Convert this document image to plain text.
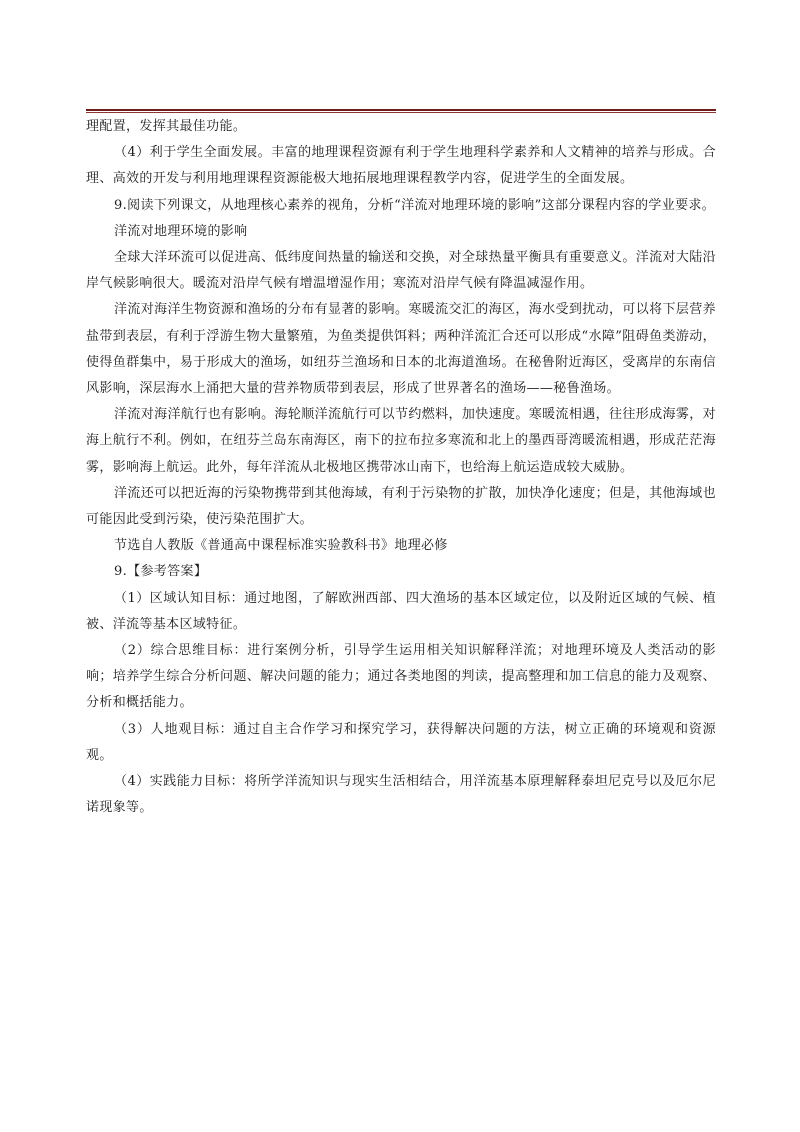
理配置，发挥其最佳功能。

（4）利于学生全面发展。丰富的地理课程资源有利于学生地理科学素养和人文精神的培养与形成。合理、高效的开发与利用地理课程资源能极大地拓展地理课程教学内容，促进学生的全面发展。

9.阅读下列课文，从地理核心素养的视角，分析“洋流对地理环境的影响”这部分课程内容的学业要求。

洋流对地理环境的影响

全球大洋环流可以促进高、低纬度间热量的输送和交换，对全球热量平衡具有重要意义。洋流对大陆沿岸气候影响很大。暖流对沿岸气候有增温增湿作用；寒流对沿岸气候有降温减湿作用。

洋流对海洋生物资源和渔场的分布有显著的影响。寒暖流交汇的海区，海水受到扰动，可以将下层营养盐带到表层，有利于浮游生物大量繁殖，为鱼类提供饵料；两种洋流汇合还可以形成“水障”阻碍鱼类游动，使得鱼群集中，易于形成大的渔场，如纽芬兰渔场和日本的北海道渔场。在秘鲁附近海区，受离岸的东南信风影响，深层海水上涌把大量的营养物质带到表层，形成了世界著名的渔场——秘鲁渔场。

洋流对海洋航行也有影响。海轮顺洋流航行可以节约燃料，加快速度。寒暖流相遇，往往形成海雾，对海上航行不利。例如，在纽芬兰岛东南海区，南下的拉布拉多寒流和北上的墨西哥湾暖流相遇，形成茫茫海雾，影响海上航运。此外，每年洋流从北极地区携带冰山南下，也给海上航运造成较大威胁。

洋流还可以把近海的污染物携带到其他海域，有利于污染物的扩散，加快净化速度；但是，其他海域也可能因此受到污染，使污染范围扩大。

节选自人教版《普通高中课程标准实验教科书》地理必修

9.【参考答案】

（1）区域认知目标：通过地图，了解欧洲西部、四大渔场的基本区域定位，以及附近区域的气候、植被、洋流等基本区域特征。

（2）综合思维目标：进行案例分析，引导学生运用相关知识解释洋流；对地理环境及人类活动的影响；培养学生综合分析问题、解决问题的能力；通过各类地图的判读，提高整理和加工信息的能力及观察、分析和概括能力。

（3）人地观目标：通过自主合作学习和探究学习，获得解决问题的方法，树立正确的环境观和资源观。

（4）实践能力目标：将所学洋流知识与现实生活相结合，用洋流基本原理解释泰坦尼克号以及厄尔尼诺现象等。
